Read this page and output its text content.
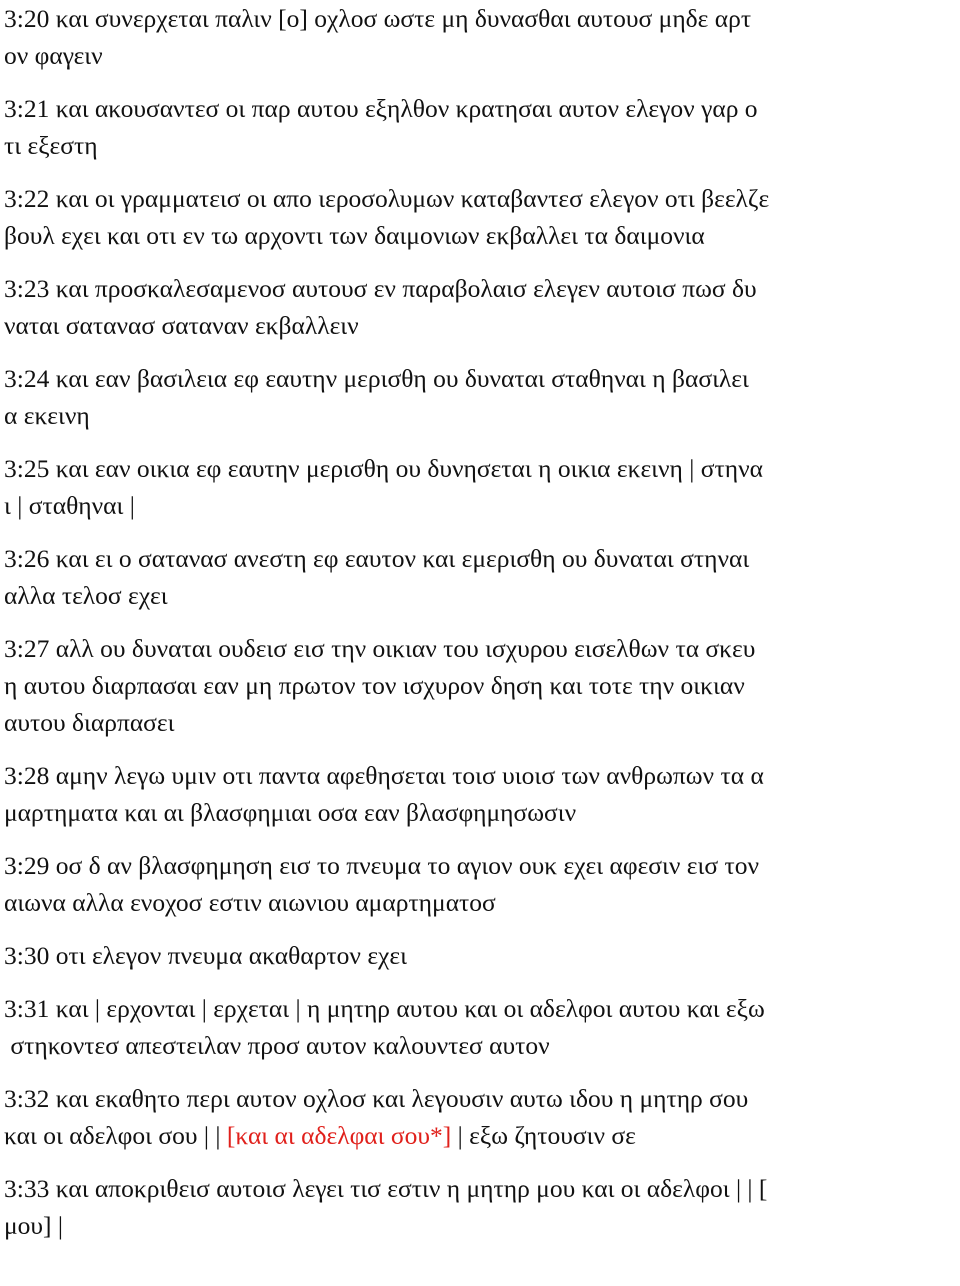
3:20 και συνερχεται παλιν [ο] οχλοσ ωστε μη δυνασθαι αυτουσ μηδε αρτ
ον φαγειν
3:21 και ακουσαντεσ οι παρ αυτου εξηλθον κρατησαι αυτον ελεγον γαρ ο
τι εξεστη
3:22 και οι γραμματεισ οι απο ιεροσολυμων καταβαντεσ ελεγον οτι βεελζε
βουλ εχει και οτι εν τω αρχοντι των δαιμονιων εκβαλλει τα δαιμονια
3:23 και προσκαλεσαμενοσ αυτουσ εν παραβολαισ ελεγεν αυτοισ πωσ δυ
ναται σατανασ σαταναν εκβαλλειν
3:24 και εαν βασιλεια εφ εαυτην μερισθη ου δυναται σταθηναι η βασιλει
α εκεινη
3:25 και εαν οικια εφ εαυτην μερισθη ου δυνησεται η οικια εκεινη | στηνα
ι | σταθηναι |
3:26 και ει ο σατανασ ανεστη εφ εαυτον και εμερισθη ου δυναται στηναι
αλλα τελοσ εχει
3:27 αλλ ου δυναται ουδεισ εισ την οικιαν του ισχυρου εισελθων τα σκευ
η αυτου διαρπασαι εαν μη πρωτον τον ισχυρον δηση και τοτε την οικιαν
αυτου διαρπασει
3:28 αμην λεγω υμιν οτι παντα αφεθησεται τοισ υιοισ των ανθρωπων τα α
μαρτηματα και αι βλασφημιαι οσα εαν βλασφημησωσιν
3:29 οσ δ αν βλασφημηση εισ το πνευμα το αγιον ουκ εχει αφεσιν εισ τον
αιωνα αλλα ενοχοσ εστιν αιωνιου αμαρτηματοσ
3:30 οτι ελεγον πνευμα ακαθαρτον εχει
3:31 και | ερχονται | ερχεται | η μητηρ αυτου και οι αδελφοι αυτου και εξω
στηκοντεσ απεστειλαν προσ αυτον καλουντεσ αυτον
3:32 και εκαθητο περι αυτον οχλοσ και λεγουσιν αυτω ιδου η μητηρ σου
και οι αδελφοι σου | | [και αι αδελφαι σου*] | εξω ζητουσιν σε
3:33 και αποκριθεισ αυτοισ λεγει τισ εστιν η μητηρ μου και οι αδελφοι | | [
μου] |
